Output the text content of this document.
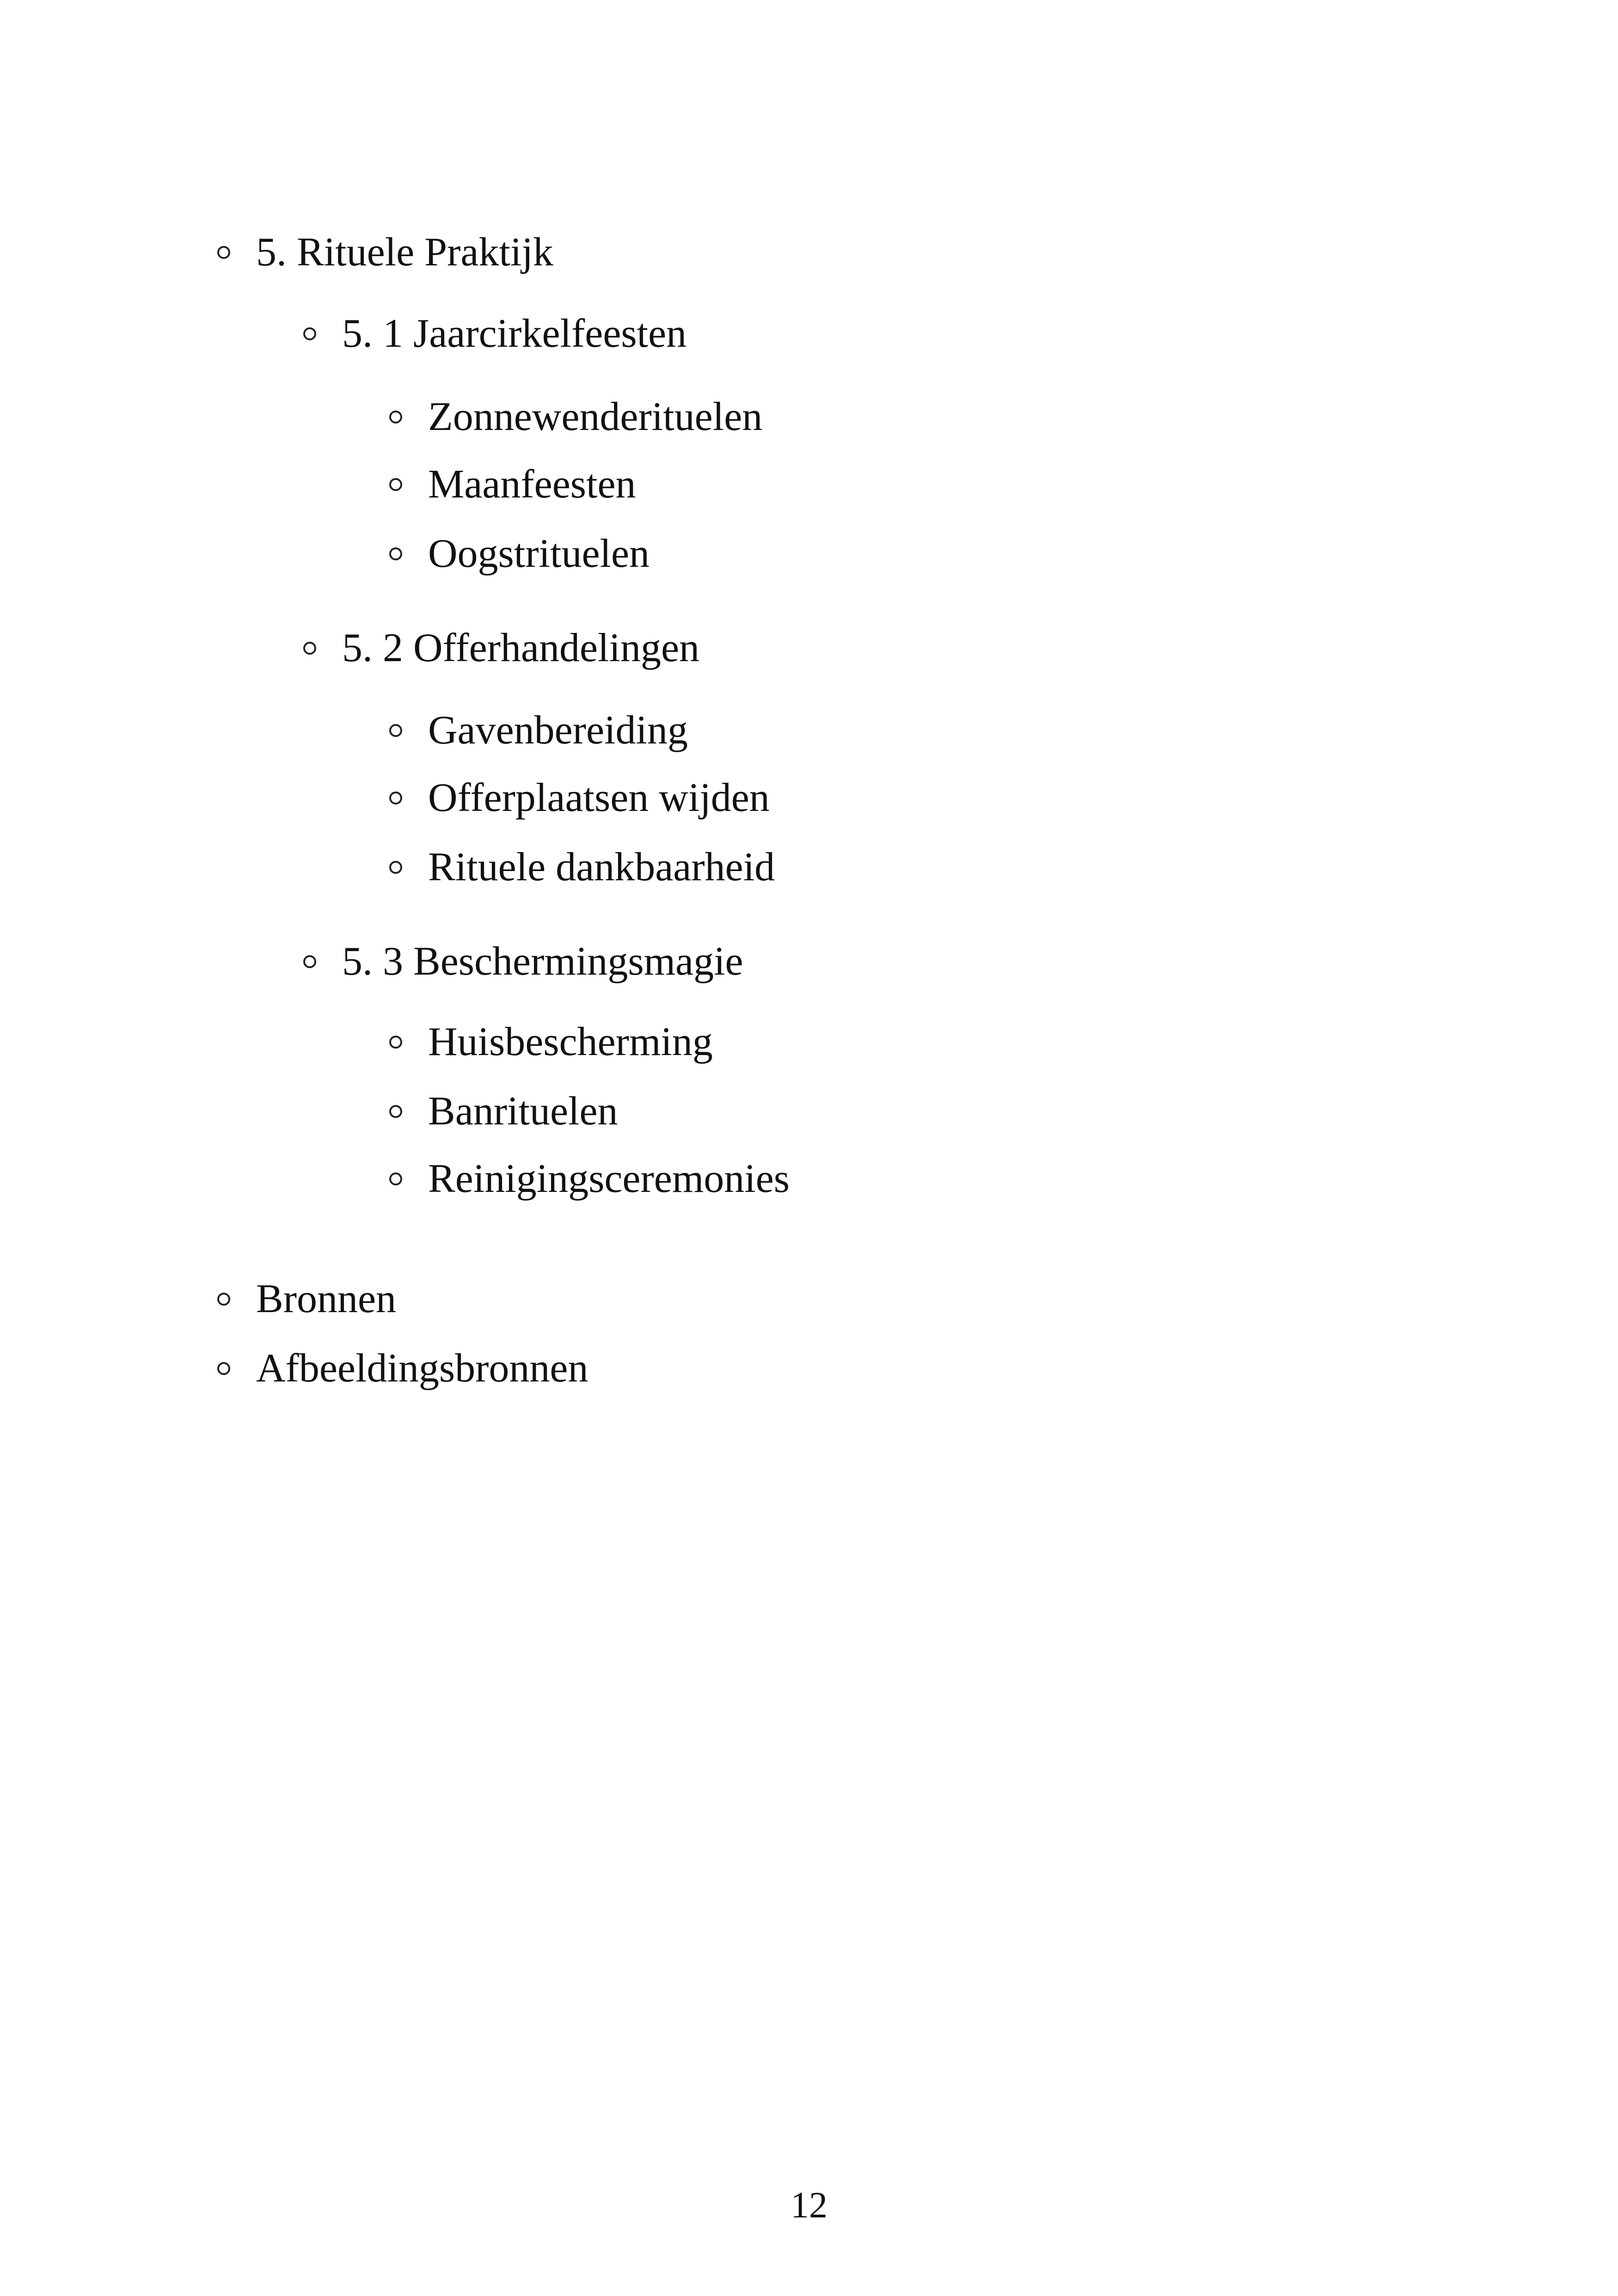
5. Rituele Praktijk
5. 1 Jaarcirkelfeesten
Zonnewenderituelen
Maanfeesten
Oogstrituelen
5. 2 Offerhandelingen
Gavenbereiding
Offerplaatsen wijden
Rituele dankbaarheid
5. 3 Beschermingsmagie
Huisbescherming
Banrituelen
Reinigingsceremonies
Bronnen
Afbeeldingsbronnen
12
